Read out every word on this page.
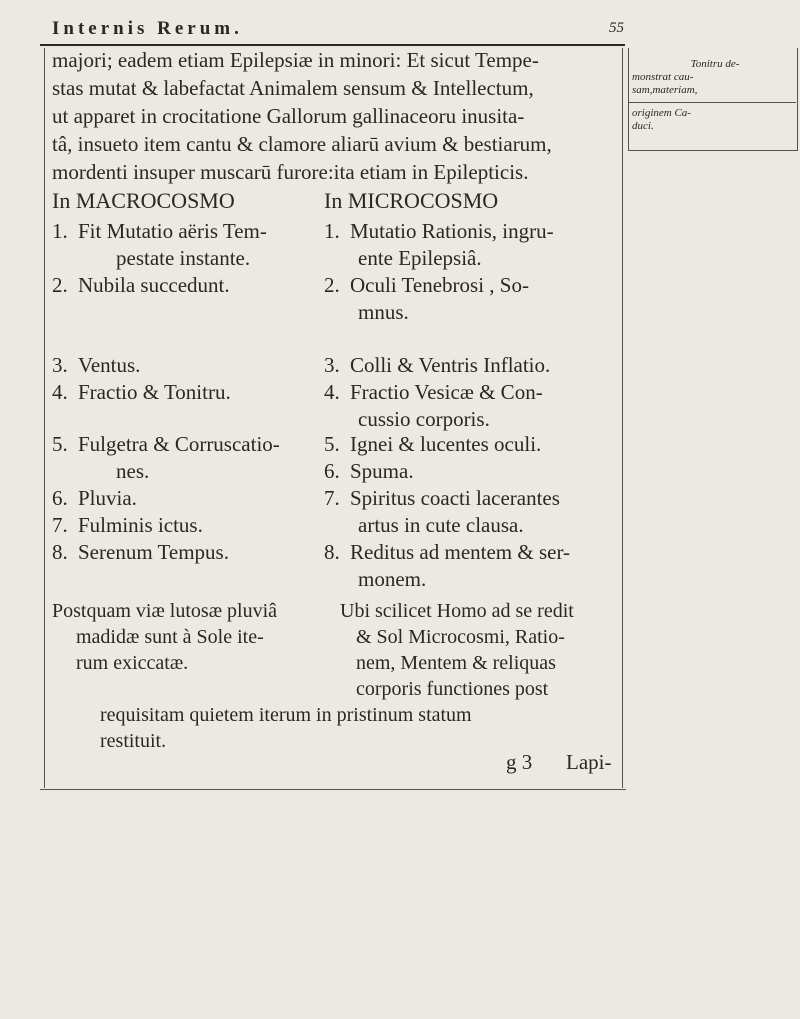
Internis Rerum.	55
Tonitru de-
monstrat cau-
sam,materiam,
originem Ca-
duci.
majori; eadem etiam Epilepsiæ in minori: Et sicut Tempe-
stas mutat & labefactat Animalem sensum & Intellectum,
ut apparet in crocitatione Gallorum gallinaceoru inusita-
tâ, insueto item cantu & clamore aliarū avium & bestiarum,
mordenti insuper muscarū furore:ita etiam in Epilepticis.
In MACROCOSMO	In MICROCOSMO
1. Fit Mutatio aëris Tem-
pestate instante.
2. Nubila succedunt.
3. Ventus.
4. Fractio & Tonitru.
5. Fulgetra & Corruscatio-
nes.
6. Pluvia.
7. Fulminis ictus.
8. Serenum Tempus.
1. Mutatio Rationis, ingru-
ente Epilepsiâ.
2. Oculi Tenebrosi , So-
mnus.
3. Colli & Ventris Inflatio.
4. Fractio Vesicæ & Con-
cussio corporis.
5. Ignei & lucentes oculi.
6. Spuma.
7. Spiritus coacti lacerantes
artus in cute clausa.
8. Reditus ad mentem & ser-
monem.
Postquam viæ lutosæ pluviâ
madidæ sunt à Sole ite-
rum exiccatæ.
Ubi scilicet Homo ad se redit
& Sol Microcosmi, Ratio-
nem, Mentem & reliquas
corporis functiones post
requisitam quietem iterum in pristinum statum
restituit.
g 3 Lapi-
